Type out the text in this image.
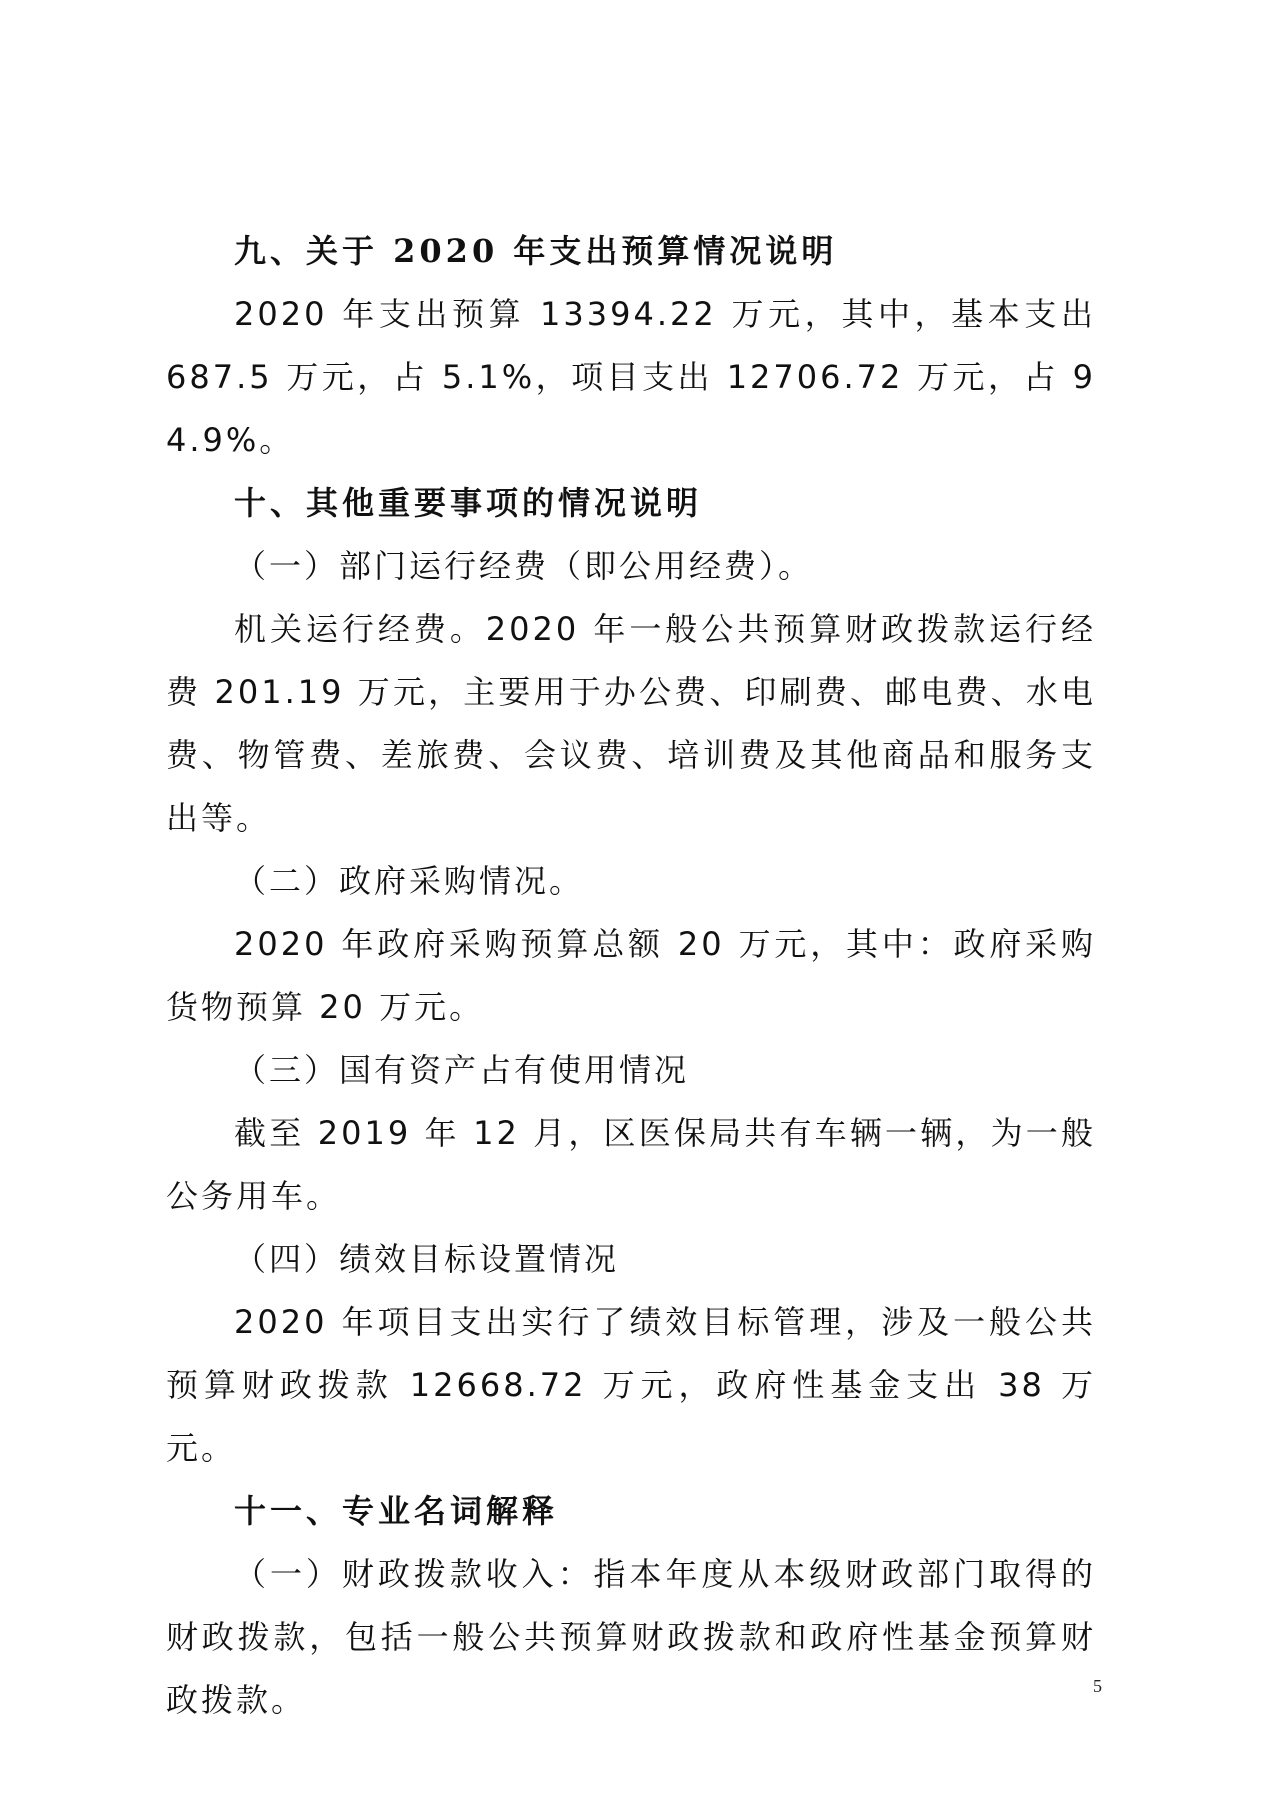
九、关于 2020 年支出预算情况说明

2020 年支出预算 13394.22 万元，其中，基本支出 687.5 万元，占 5.1%，项目支出 12706.72 万元，占 94.9%。

十、其他重要事项的情况说明

（一）部门运行经费（即公用经费）。

机关运行经费。2020 年一般公共预算财政拨款运行经费 201.19 万元，主要用于办公费、印刷费、邮电费、水电费、物管费、差旅费、会议费、培训费及其他商品和服务支出等。

（二）政府采购情况。

2020 年政府采购预算总额 20 万元，其中：政府采购货物预算 20 万元。

（三）国有资产占有使用情况

截至 2019 年 12 月，区医保局共有车辆一辆，为一般公务用车。

（四）绩效目标设置情况

2020 年项目支出实行了绩效目标管理，涉及一般公共预算财政拨款 12668.72 万元，政府性基金支出 38 万元。

十一、专业名词解释

（一）财政拨款收入：指本年度从本级财政部门取得的财政拨款，包括一般公共预算财政拨款和政府性基金预算财政拨款。	5
